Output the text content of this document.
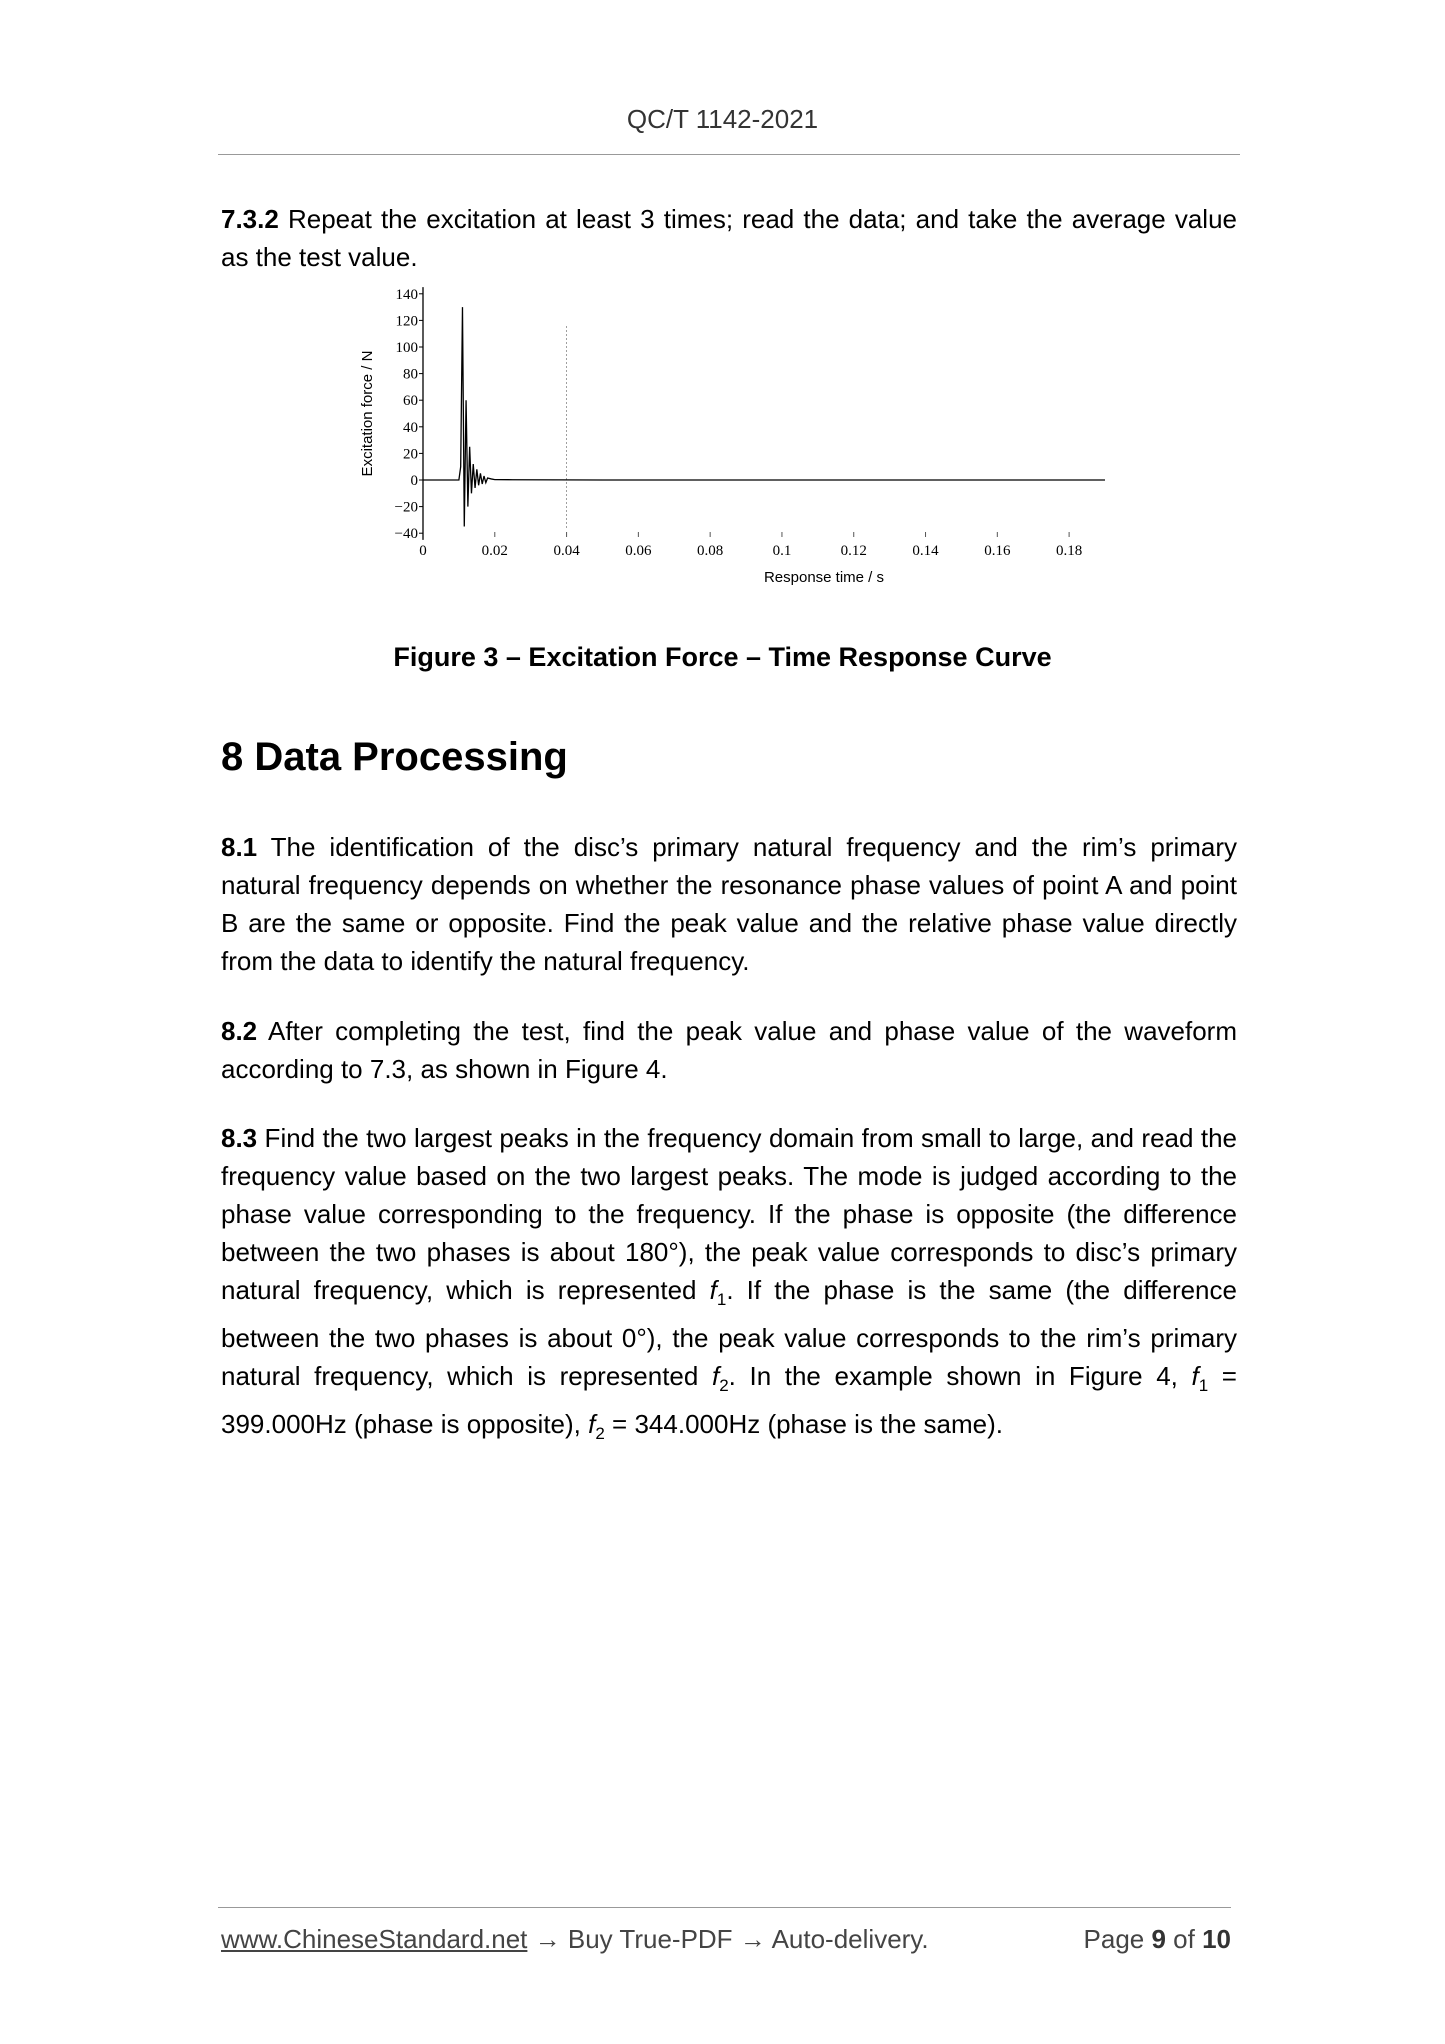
QC/T 1142-2021
7.3.2 Repeat the excitation at least 3 times; read the data; and take the average value as the test value.
140
120
100
80
60
40
20
0
−20
−40
0	0.02	0.04	0.06	0.08	0.1	0.12	0.14	0.16	0.18
Excitation force / N
Response time / s
Figure 3 – Excitation Force – Time Response Curve
8 Data Processing
8.1 The identification of the disc’s primary natural frequency and the rim’s primary natural frequency depends on whether the resonance phase values of point A and point B are the same or opposite. Find the peak value and the relative phase value directly from the data to identify the natural frequency.
8.2 After completing the test, find the peak value and phase value of the waveform according to 7.3, as shown in Figure 4.
8.3 Find the two largest peaks in the frequency domain from small to large, and read the frequency value based on the two largest peaks. The mode is judged according to the phase value corresponding to the frequency. If the phase is opposite (the difference between the two phases is about 180°), the peak value corresponds to disc’s primary natural frequency, which is represented $f_1$. If the phase is the same (the difference between the two phases is about 0°), the peak value corresponds to the rim’s primary natural frequency, which is represented $f_2$. In the example shown in Figure 4, $f_1 = 399.000Hz$ (phase is opposite), $f_2 = 344.000Hz$ (phase is the same).
www.ChineseStandard.net → Buy True-PDF → Auto-delivery.	Page 9 of 10
